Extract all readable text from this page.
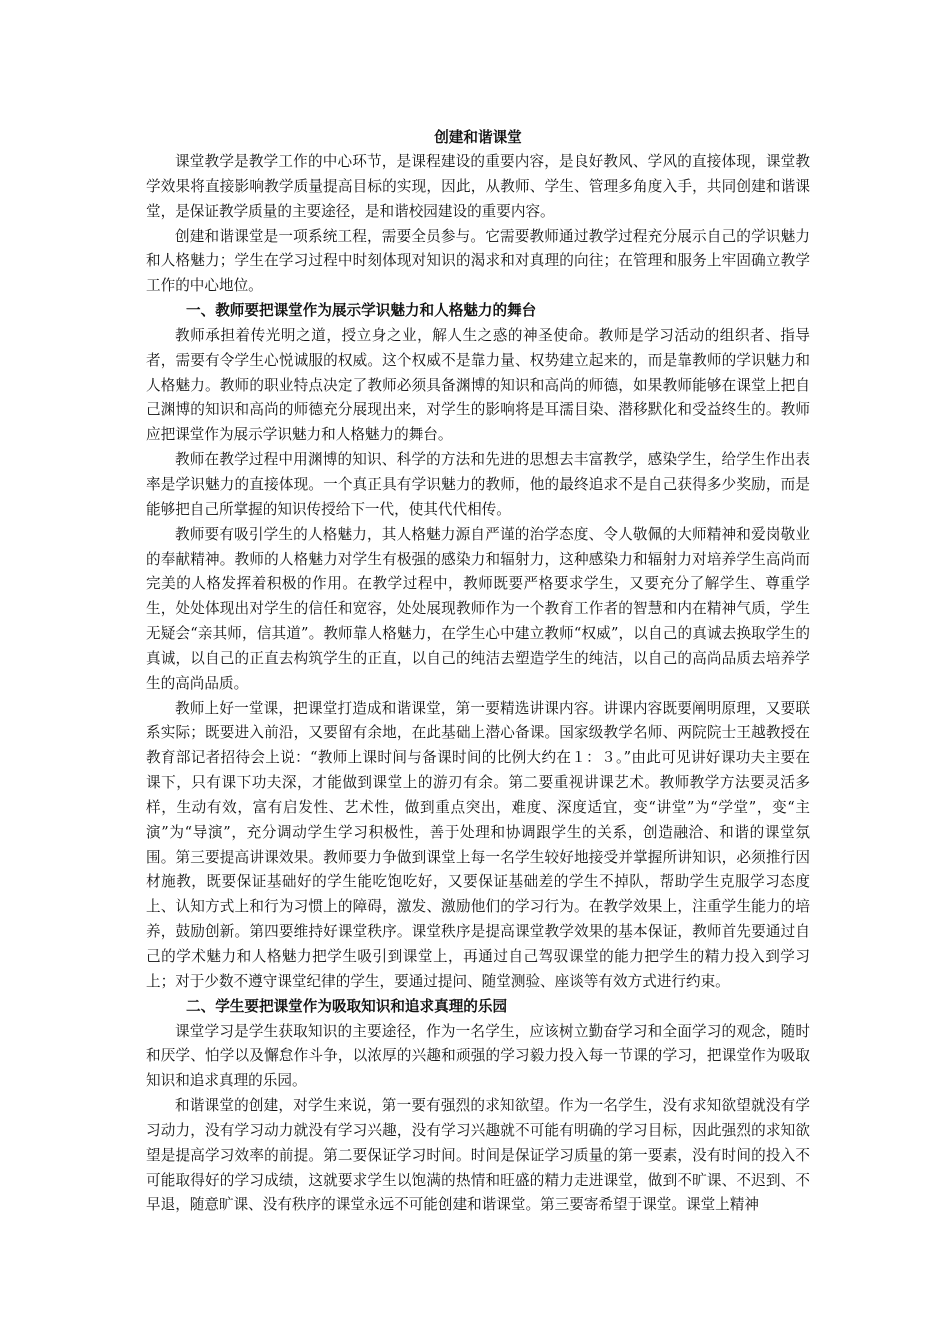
创建和谐课堂

课堂教学是教学工作的中心环节，是课程建设的重要内容，是良好教风、学风的直接体现，课堂教学效果将直接影响教学质量提高目标的实现，因此，从教师、学生、管理多角度入手，共同创建和谐课堂，是保证教学质量的主要途径，是和谐校园建设的重要内容。

创建和谐课堂是一项系统工程，需要全员参与。它需要教师通过教学过程充分展示自己的学识魅力和人格魅力；学生在学习过程中时刻体现对知识的渴求和对真理的向往；在管理和服务上牢固确立教学工作的中心地位。

一、教师要把课堂作为展示学识魅力和人格魅力的舞台

教师承担着传光明之道，授立身之业，解人生之惑的神圣使命。教师是学习活动的组织者、指导者，需要有令学生心悦诚服的权威。这个权威不是靠力量、权势建立起来的，而是靠教师的学识魅力和人格魅力。教师的职业特点决定了教师必须具备渊博的知识和高尚的师德，如果教师能够在课堂上把自己渊博的知识和高尚的师德充分展现出来，对学生的影响将是耳濡目染、潜移默化和受益终生的。教师应把课堂作为展示学识魅力和人格魅力的舞台。

教师在教学过程中用渊博的知识、科学的方法和先进的思想去丰富教学，感染学生，给学生作出表率是学识魅力的直接体现。一个真正具有学识魅力的教师，他的最终追求不是自己获得多少奖励，而是能够把自己所掌握的知识传授给下一代，使其代代相传。

教师要有吸引学生的人格魅力，其人格魅力源自严谨的治学态度、令人敬佩的大师精神和爱岗敬业的奉献精神。教师的人格魅力对学生有极强的感染力和辐射力，这种感染力和辐射力对培养学生高尚而完美的人格发挥着积极的作用。在教学过程中，教师既要严格要求学生，又要充分了解学生、尊重学生，处处体现出对学生的信任和宽容，处处展现教师作为一个教育工作者的智慧和内在精神气质，学生无疑会“亲其师，信其道”。教师靠人格魅力，在学生心中建立教师“权威”，以自己的真诚去换取学生的真诚，以自己的正直去构筑学生的正直，以自己的纯洁去塑造学生的纯洁，以自己的高尚品质去培养学生的高尚品质。

教师上好一堂课，把课堂打造成和谐课堂，第一要精选讲课内容。讲课内容既要阐明原理，又要联系实际；既要进入前沿，又要留有余地，在此基础上潜心备课。国家级教学名师、两院院士王越教授在教育部记者招待会上说：“教师上课时间与备课时间的比例大约在１：３。”由此可见讲好课功夫主要在课下，只有课下功夫深，才能做到课堂上的游刃有余。第二要重视讲课艺术。教师教学方法要灵活多样，生动有效，富有启发性、艺术性，做到重点突出，难度、深度适宜，变“讲堂”为“学堂”，变“主演”为“导演”，充分调动学生学习积极性，善于处理和协调跟学生的关系，创造融洽、和谐的课堂氛围。第三要提高讲课效果。教师要力争做到课堂上每一名学生较好地接受并掌握所讲知识，必须推行因材施教，既要保证基础好的学生能吃饱吃好，又要保证基础差的学生不掉队，帮助学生克服学习态度上、认知方式上和行为习惯上的障碍，激发、激励他们的学习行为。在教学效果上，注重学生能力的培养，鼓励创新。第四要维持好课堂秩序。课堂秩序是提高课堂教学效果的基本保证，教师首先要通过自己的学术魅力和人格魅力把学生吸引到课堂上，再通过自己驾驭课堂的能力把学生的精力投入到学习上；对于少数不遵守课堂纪律的学生，要通过提问、随堂测验、座谈等有效方式进行约束。

二、学生要把课堂作为吸取知识和追求真理的乐园

课堂学习是学生获取知识的主要途径，作为一名学生，应该树立勤奋学习和全面学习的观念，随时和厌学、怕学以及懈怠作斗争，以浓厚的兴趣和顽强的学习毅力投入每一节课的学习，把课堂作为吸取知识和追求真理的乐园。

和谐课堂的创建，对学生来说，第一要有强烈的求知欲望。作为一名学生，没有求知欲望就没有学习动力，没有学习动力就没有学习兴趣，没有学习兴趣就不可能有明确的学习目标，因此强烈的求知欲望是提高学习效率的前提。第二要保证学习时间。时间是保证学习质量的第一要素，没有时间的投入不可能取得好的学习成绩，这就要求学生以饱满的热情和旺盛的精力走进课堂，做到不旷课、不迟到、不早退，随意旷课、没有秩序的课堂永远不可能创建和谐课堂。第三要寄希望于课堂。课堂上精神
